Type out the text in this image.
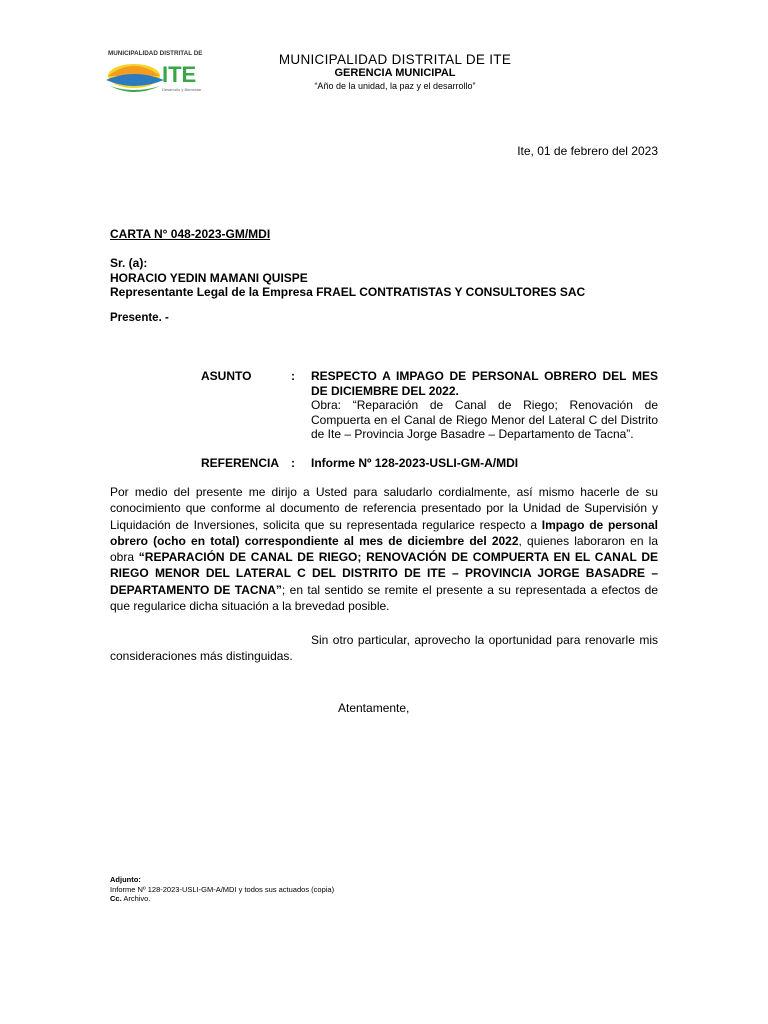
MUNICIPALIDAD DISTRITAL DE
ITE
Desarrollo y Bienestar
MUNICIPALIDAD DISTRITAL DE ITE
GERENCIA MUNICIPAL
“Año de la unidad, la paz y el desarrollo”
Ite, 01 de febrero del 2023
CARTA N° 048-2023-GM/MDI
Sr. (a):
HORACIO YEDIN MAMANI QUISPE
Representante Legal de la Empresa FRAEL CONTRATISTAS Y CONSULTORES SAC
Presente. -
ASUNTO	: RESPECTO A IMPAGO DE PERSONAL OBRERO DEL MES DE DICIEMBRE DEL 2022.
Obra: “Reparación de Canal de Riego; Renovación de Compuerta en el Canal de Riego Menor del Lateral C del Distrito de Ite – Provincia Jorge Basadre – Departamento de Tacna”.
REFERENCIA : Informe Nº 128-2023-USLI-GM-A/MDI
Por medio del presente me dirijo a Usted para saludarlo cordialmente, así mismo hacerle de su conocimiento que conforme al documento de referencia presentado por la Unidad de Supervisión y Liquidación de Inversiones, solicita que su representada regularice respecto a Impago de personal obrero (ocho en total) correspondiente al mes de diciembre del 2022, quienes laboraron en la obra “REPARACIÓN DE CANAL DE RIEGO; RENOVACIÓN DE COMPUERTA EN EL CANAL DE RIEGO MENOR DEL LATERAL C DEL DISTRITO DE ITE – PROVINCIA JORGE BASADRE – DEPARTAMENTO DE TACNA”; en tal sentido se remite el presente a su representada a efectos de que regularice dicha situación a la brevedad posible.
Sin otro particular, aprovecho la oportunidad para renovarle mis consideraciones más distinguidas.
Atentamente,
Adjunto:
Informe Nº 128-2023-USLI-GM-A/MDI y todos sus actuados (copia)
Cc. Archivo.
